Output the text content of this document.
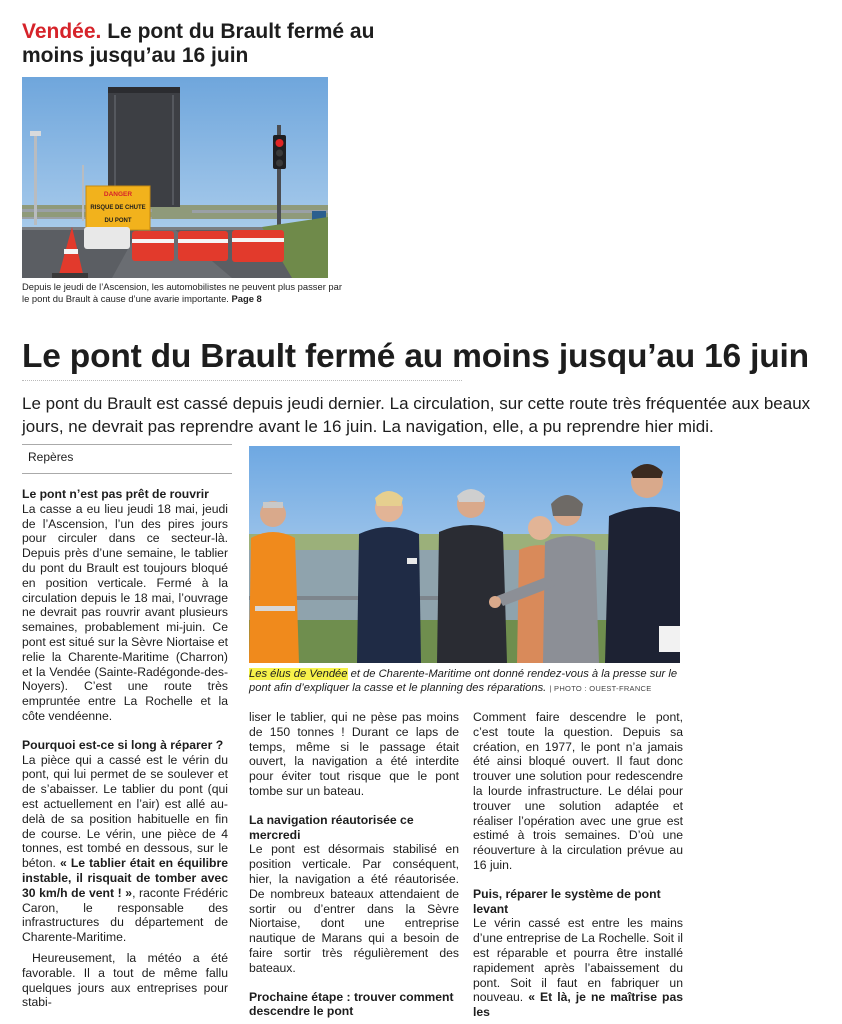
Vendée. Le pont du Brault fermé au moins jusqu’au 16 juin
DANGER
RISQUE DE CHUTE
DU PONT
Depuis le jeudi de l’Ascension, les automobilistes ne peuvent plus passer par le pont du Brault à cause d’une avarie importante. Page 8
Le pont du Brault fermé au moins jusqu’au 16 juin
Le pont du Brault est cassé depuis jeudi dernier. La circulation, sur cette route très fréquentée aux beaux jours, ne devrait pas reprendre avant le 16 juin. La navigation, elle, a pu reprendre hier midi.
Repères
Le pont n’est pas prêt de rouvrir

La casse a eu lieu jeudi 18 mai, jeudi de l’Ascension, l’un des pires jours pour circuler dans ce secteur-là. Depuis près d’une semaine, le tablier du pont du Brault est toujours bloqué en position verticale. Fermé à la circulation depuis le 18 mai, l’ouvrage ne devrait pas rouvrir avant plusieurs semaines, probablement mi-juin. Ce pont est situé sur la Sèvre Niortaise et relie la Charente-Maritime (Charron) et la Vendée (Sainte-Radégonde-des-Noyers). C’est une route très empruntée entre La Rochelle et la côte vendéenne.

Pourquoi est-ce si long à réparer ?

La pièce qui a cassé est le vérin du pont, qui lui permet de se soulever et de s’abaisser. Le tablier du pont (qui est actuellement en l’air) est allé au-delà de sa position habituelle en fin de course. Le vérin, une pièce de 4 tonnes, est tombé en dessous, sur le béton. « Le tablier était en équilibre instable, il risquait de tomber avec 30 km/h de vent ! », raconte Frédéric Caron, le responsable des infrastructures du département de Charente-Maritime.

Heureusement, la météo a été favorable. Il a tout de même fallu quelques jours aux entreprises pour stabi-

Les élus de Vendée et de Charente-Maritime ont donné rendez-vous à la presse sur le pont afin d’expliquer la casse et le planning des réparations. | PHOTO : OUEST-FRANCE

liser le tablier, qui ne pèse pas moins de 150 tonnes ! Durant ce laps de temps, même si le passage était ouvert, la navigation a été interdite pour éviter tout risque que le pont tombe sur un bateau.

La navigation réautorisée ce mercredi

Le pont est désormais stabilisé en position verticale. Par conséquent, hier, la navigation a été réautorisée. De nombreux bateaux attendaient de sortir ou d’entrer dans la Sèvre Niortaise, dont une entreprise nautique de Marans qui a besoin de faire sortir très régulièrement des bateaux.

Prochaine étape : trouver comment descendre le pont

Comment faire descendre le pont, c’est toute la question. Depuis sa création, en 1977, le pont n’a jamais été ainsi bloqué ouvert. Il faut donc trouver une solution pour redescendre la lourde infrastructure. Le délai pour trouver une solution adaptée et réaliser l’opération avec une grue est estimé à trois semaines. D’où une réouverture à la circulation prévue au 16 juin.

Puis, réparer le système de pont levant

Le vérin cassé est entre les mains d’une entreprise de La Rochelle. Soit il est réparable et pourra être installé rapidement après l’abaissement du pont. Soit il faut en fabriquer un nouveau. « Et là, je ne maîtrise pas les
